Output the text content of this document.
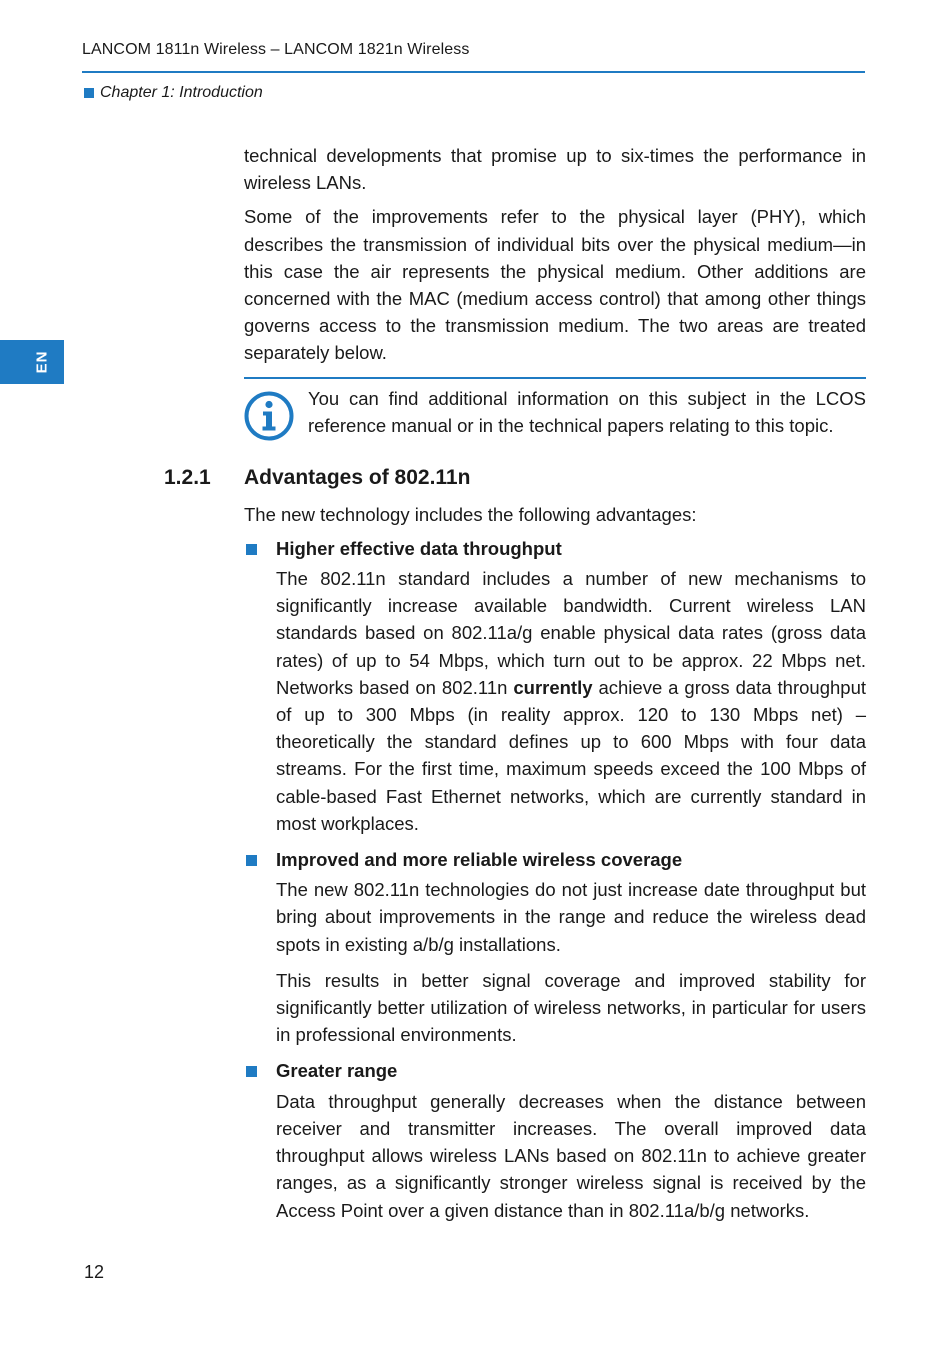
LANCOM 1811n Wireless – LANCOM 1821n Wireless
Chapter 1: Introduction
EN

technical developments that promise up to six-times the performance in wireless LANs.

Some of the improvements refer to the physical layer (PHY), which describes the transmission of individual bits over the physical medium—in this case the air represents the physical medium. Other additions are concerned with the MAC (medium access control) that among other things governs access to the transmission medium. The two areas are treated separately below.

You can find additional information on this subject in the LCOS reference manual or in the technical papers relating to this topic.
1.2.1 Advantages of 802.11n

The new technology includes the following advantages:

Higher effective data throughput

The 802.11n standard includes a number of new mechanisms to significantly increase available bandwidth. Current wireless LAN standards based on 802.11a/g enable physical data rates (gross data rates) of up to 54 Mbps, which turn out to be approx. 22 Mbps net. Networks based on 802.11n currently achieve a gross data throughput of up to 300 Mbps (in reality approx. 120 to 130 Mbps net) – theoretically the standard defines up to 600 Mbps with four data streams. For the first time, maximum speeds exceed the 100 Mbps of cable-based Fast Ethernet networks, which are currently standard in most workplaces.

Improved and more reliable wireless coverage

The new 802.11n technologies do not just increase date throughput but bring about improvements in the range and reduce the wireless dead spots in existing a/b/g installations.

This results in better signal coverage and improved stability for significantly better utilization of wireless networks, in particular for users in professional environments.

Greater range

Data throughput generally decreases when the distance between receiver and transmitter increases. The overall improved data throughput allows wireless LANs based on 802.11n to achieve greater ranges, as a significantly stronger wireless signal is received by the Access Point over a given distance than in 802.11a/b/g networks.

12
